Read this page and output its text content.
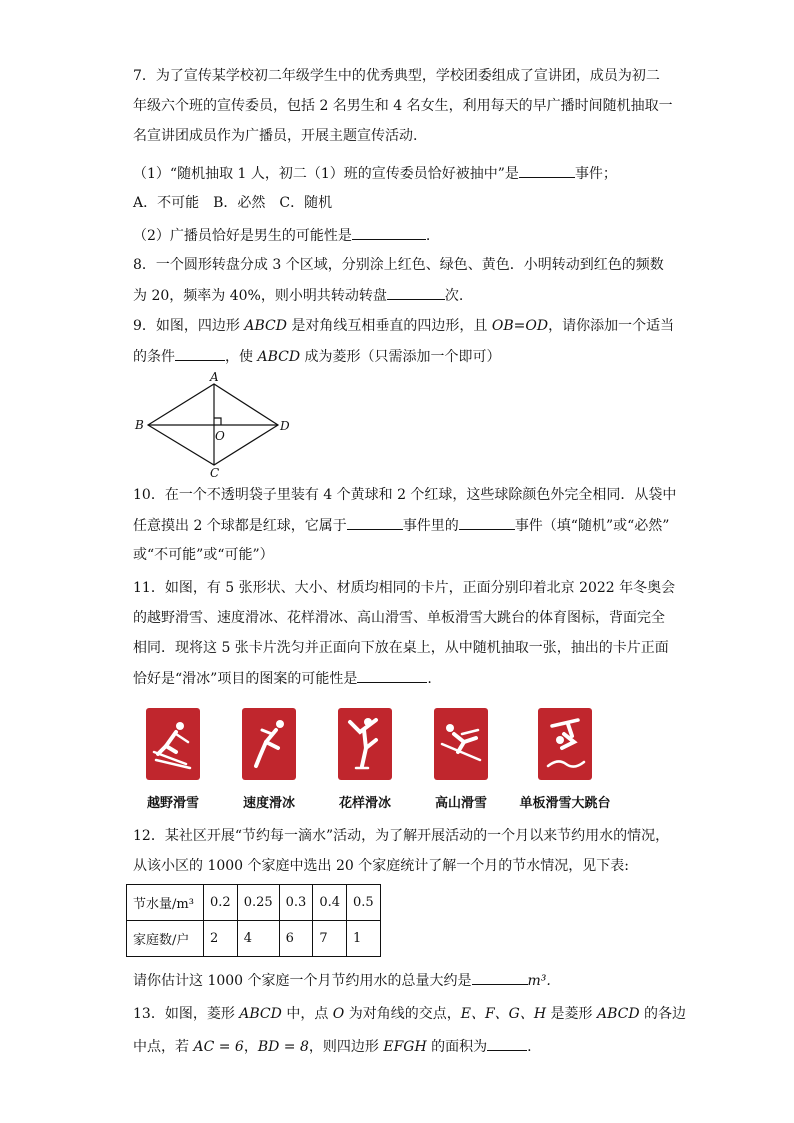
7．为了宣传某学校初二年级学生中的优秀典型，学校团委组成了宣讲团，成员为初二
年级六个班的宣传委员，包括 2 名男生和 4 名女生，利用每天的早广播时间随机抽取一
名宣讲团成员作为广播员，开展主题宣传活动.
（1）“随机抽取 1 人，初二（1）班的宣传委员恰好被抽中”是	事件；
A．不可能　B．必然　C．随机
（2）广播员恰好是男生的可能性是	.
8．一个圆形转盘分成 3 个区域，分别涂上红色、绿色、黄色．小明转动到红色的频数
为 20，频率为 40%，则小明共转动转盘	次.
9．如图，四边形 ABCD 是对角线互相垂直的四边形，且 OB=OD，请你添加一个适当
的条件	，使 ABCD 成为菱形（只需添加一个即可）
A
B
C
D
O
10．在一个不透明袋子里装有 4 个黄球和 2 个红球，这些球除颜色外完全相同．从袋中
任意摸出 2 个球都是红球，它属于	事件里的	事件（填“随机”或“必然”
或“不可能”或“可能”）
11．如图，有 5 张形状、大小、材质均相同的卡片，正面分别印着北京 2022 年冬奥会
的越野滑雪、速度滑冰、花样滑冰、高山滑雪、单板滑雪大跳台的体育图标，背面完全
相同．现将这 5 张卡片洗匀并正面向下放在桌上，从中随机抽取一张，抽出的卡片正面
恰好是“滑冰”项目的图案的可能性是	.
越野滑雪	速度滑冰	花样滑冰	高山滑雪	单板滑雪大跳台
12．某社区开展“节约每一滴水”活动，为了解开展活动的一个月以来节约用水的情况，
从该小区的 1000 个家庭中选出 20 个家庭统计了解一个月的节水情况，见下表:
节水量/m³	0.2	0.25	0.3	0.4	0.5
家庭数/户	2	4	6	7	1
请你估计这 1000 个家庭一个月节约用水的总量大约是	m³.
13．如图，菱形 ABCD 中，点 O 为对角线的交点，E、F、G、H 是菱形 ABCD 的各边
中点，若 AC = 6，BD = 8，则四边形 EFGH 的面积为	.
